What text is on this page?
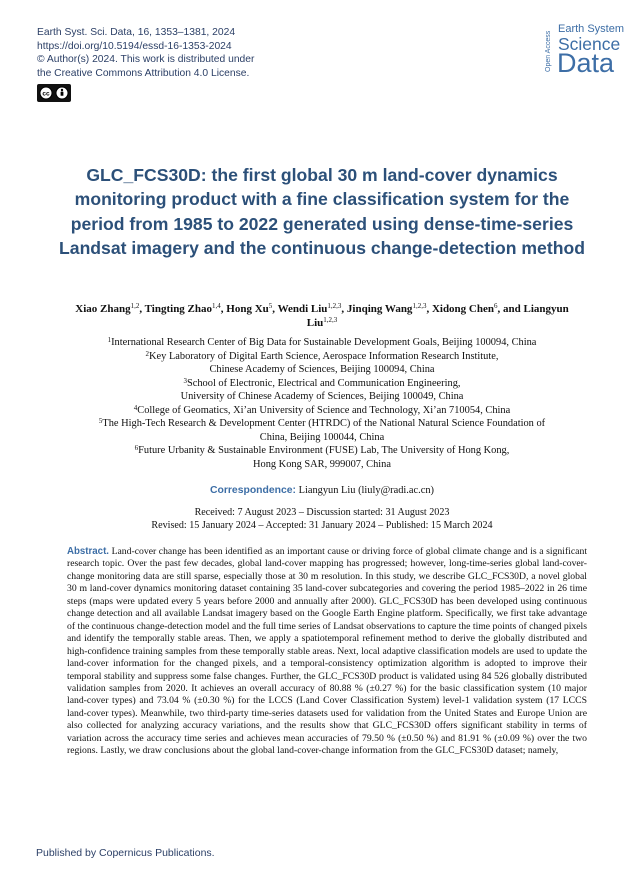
Earth Syst. Sci. Data, 16, 1353–1381, 2024
https://doi.org/10.5194/essd-16-1353-2024
© Author(s) 2024. This work is distributed under
the Creative Commons Attribution 4.0 License.
cc
Open Access
Earth System
Science
Data
GLC_FCS30D: the first global 30 m land-cover dynamics monitoring product with a fine classification system for the period from 1985 to 2022 generated using dense-time-series Landsat imagery and the continuous change-detection method
Xiao Zhang$^{1,2}$, Tingting Zhao$^{1,4}$, Hong Xu$^5$, Wendi Liu$^{1,2,3}$, Jinqing Wang$^{1,2,3}$, Xidong Chen$^6$, and Liangyun Liu$^{1,2,3}$
$^1$International Research Center of Big Data for Sustainable Development Goals, Beijing 100094, China
$^2$Key Laboratory of Digital Earth Science, Aerospace Information Research Institute,
Chinese Academy of Sciences, Beijing 100094, China
$^3$School of Electronic, Electrical and Communication Engineering,
University of Chinese Academy of Sciences, Beijing 100049, China
$^4$College of Geomatics, Xi’an University of Science and Technology, Xi’an 710054, China
$^5$The High-Tech Research & Development Center (HTRDC) of the National Natural Science Foundation of
China, Beijing 100044, China
$^6$Future Urbanity & Sustainable Environment (FUSE) Lab, The University of Hong Kong,
Hong Kong SAR, 999007, China
Correspondence: Liangyun Liu (liuly@radi.ac.cn)
Received: 7 August 2023 – Discussion started: 31 August 2023
Revised: 15 January 2024 – Accepted: 31 January 2024 – Published: 15 March 2024

Abstract. Land-cover change has been identified as an important cause or driving force of global climate change and is a significant research topic. Over the past few decades, global land-cover mapping has progressed; however, long-time-series global land-cover-change monitoring data are still sparse, especially those at 30 m resolution. In this study, we describe GLC_FCS30D, a novel global 30 m land-cover dynamics monitoring dataset containing 35 land-cover subcategories and covering the period 1985–2022 in 26 time steps (maps were updated every 5 years before 2000 and annually after 2000). GLC_FCS30D has been developed using continuous change detection and all available Landsat imagery based on the Google Earth Engine platform. Specifically, we first take advantage of the continuous change-detection model and the full time series of Landsat observations to capture the time points of changed pixels and identify the temporally stable areas. Then, we apply a spatiotemporal refinement method to derive the globally distributed and high-confidence training samples from these temporally stable areas. Next, local adaptive classification models are used to update the land-cover information for the changed pixels, and a temporal-consistency optimization algorithm is adopted to improve their temporal stability and suppress some false changes. Further, the GLC_FCS30D product is validated using 84 526 globally distributed validation samples from 2020. It achieves an overall accuracy of 80.88 % (±0.27 %) for the basic classification system (10 major land-cover types) and 73.04 % (±0.30 %) for the LCCS (Land Cover Classification System) level-1 validation system (17 LCCS land-cover types). Meanwhile, two third-party time-series datasets used for validation from the United States and Europe Union are also collected for analyzing accuracy variations, and the results show that GLC_FCS30D offers significant stability in terms of variation across the accuracy time series and achieves mean accuracies of 79.50 % (±0.50 %) and 81.91 % (±0.09 %) over the two regions. Lastly, we draw conclusions about the global land-cover-change information from the GLC_FCS30D dataset; namely,

Published by Copernicus Publications.
